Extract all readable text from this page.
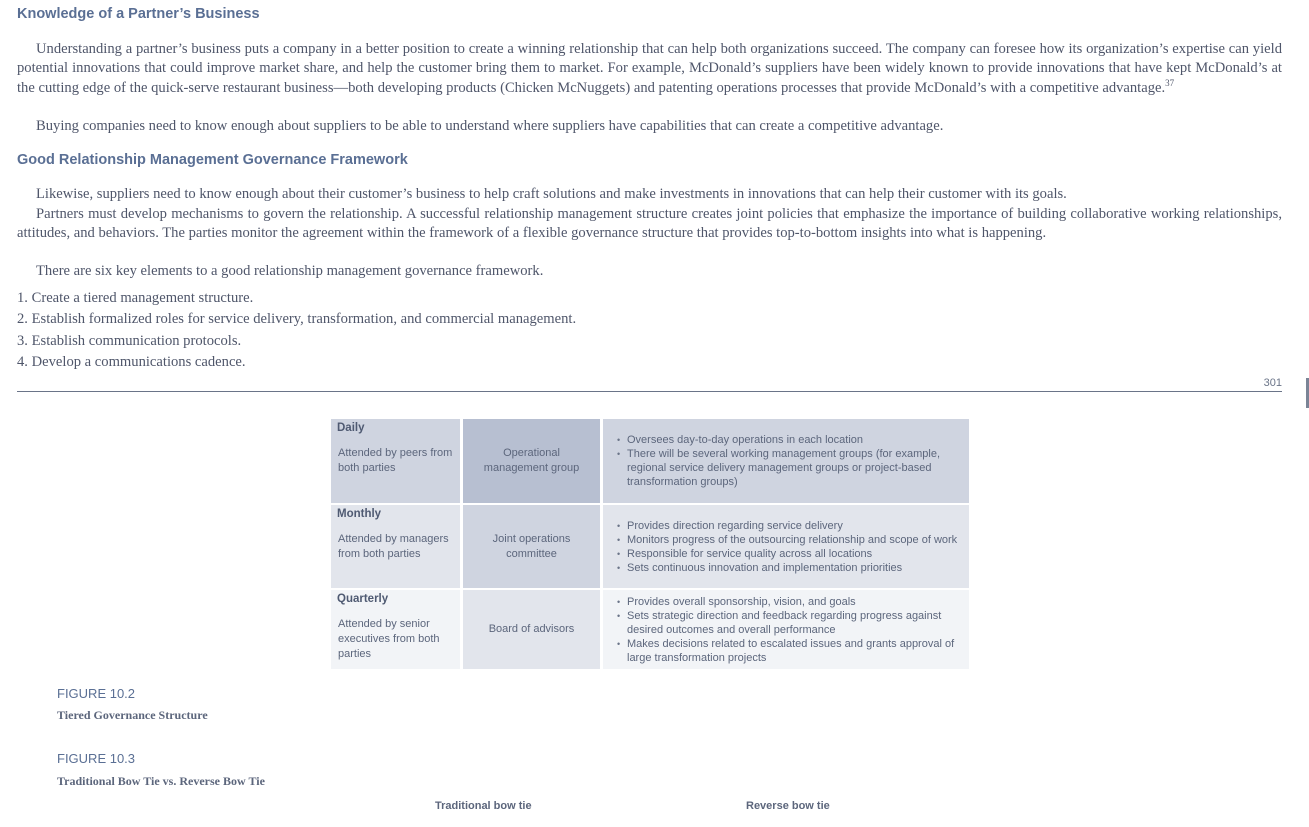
Knowledge of a Partner’s Business

Understanding a partner’s business puts a company in a better position to create a winning relationship that can help both organizations succeed. The company can foresee how its organization’s expertise can yield potential innovations that could improve market share, and help the customer bring them to market. For example, McDonald’s suppliers have been widely known to provide innovations that have kept McDonald’s at the cutting edge of the quick-serve restaurant business—both developing products (Chicken McNuggets) and patenting operations processes that provide McDonald’s with a competitive advantage.$^{37}$

Buying companies need to know enough about suppliers to be able to understand where suppliers have capabilities that can create a competitive advantage.

Good Relationship Management Governance Framework

Likewise, suppliers need to know enough about their customer’s business to help craft solutions and make investments in innovations that can help their customer with its goals.

Partners must develop mechanisms to govern the relationship. A successful relationship management structure creates joint policies that emphasize the importance of building collaborative working relationships, attitudes, and behaviors. The parties monitor the agreement within the framework of a flexible governance structure that provides top-to-bottom insights into what is happening.

There are six key elements to a good relationship management governance framework.

1. Create a tiered management structure.
2. Establish formalized roles for service delivery, transformation, and commercial management.
3. Establish communication protocols.
4. Develop a communications cadence.
301
Daily
Attended by peers from both parties
Operational management group
• Oversees day-to-day operations in each location
• There will be several working management groups (for example, regional service delivery management groups or project-based transformation groups)
Monthly
Attended by managers from both parties
Joint operations committee
• Provides direction regarding service delivery
• Monitors progress of the outsourcing relationship and scope of work
• Responsible for service quality across all locations
• Sets continuous innovation and implementation priorities
Quarterly
Attended by senior executives from both parties
Board of advisors
• Provides overall sponsorship, vision, and goals
• Sets strategic direction and feedback regarding progress against desired outcomes and overall performance
• Makes decisions related to escalated issues and grants approval of large transformation projects
FIGURE 10.2
Tiered Governance Structure
FIGURE 10.3
Traditional Bow Tie vs. Reverse Bow Tie
Traditional bow tie	Reverse bow tie
